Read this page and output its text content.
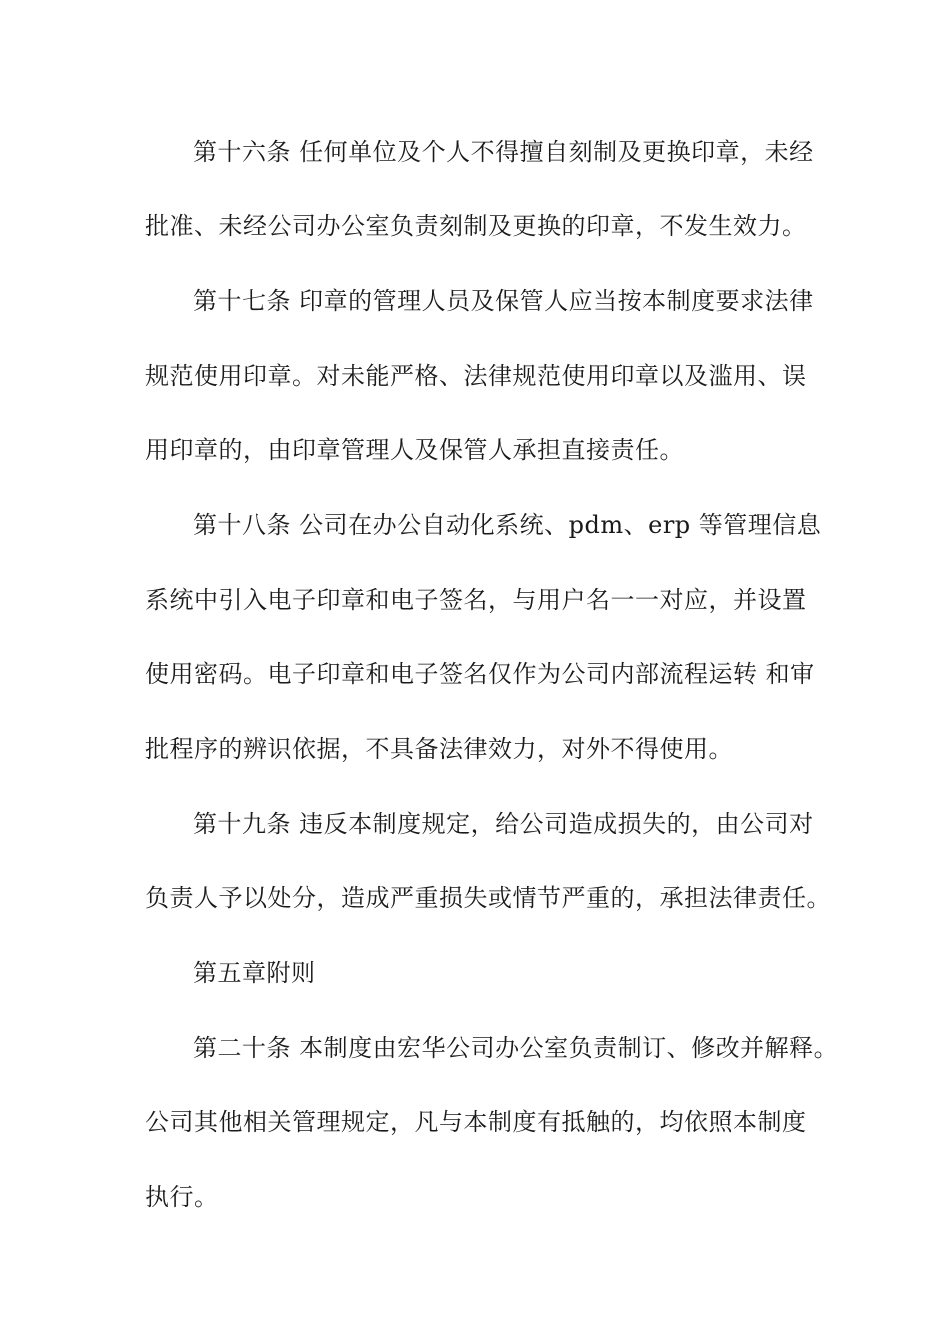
第十六条 任何单位及个人不得擅自刻制及更换印章，未经
批准、未经公司办公室负责刻制及更换的印章，不发生效力。
第十七条 印章的管理人员及保管人应当按本制度要求法律
规范使用印章。对未能严格、法律规范使用印章以及滥用、误
用印章的，由印章管理人及保管人承担直接责任。
第十八条 公司在办公自动化系统、pdm、erp 等管理信息
系统中引入电子印章和电子签名，与用户名一一对应，并设置
使用密码。电子印章和电子签名仅作为公司内部流程运转 和审
批程序的辨识依据，不具备法律效力，对外不得使用。
第十九条 违反本制度规定，给公司造成损失的，由公司对
负责人予以处分，造成严重损失或情节严重的，承担法律责任。
第五章附则
第二十条 本制度由宏华公司办公室负责制订、修改并解释。
公司其他相关管理规定，凡与本制度有抵触的，均依照本制度
执行。
